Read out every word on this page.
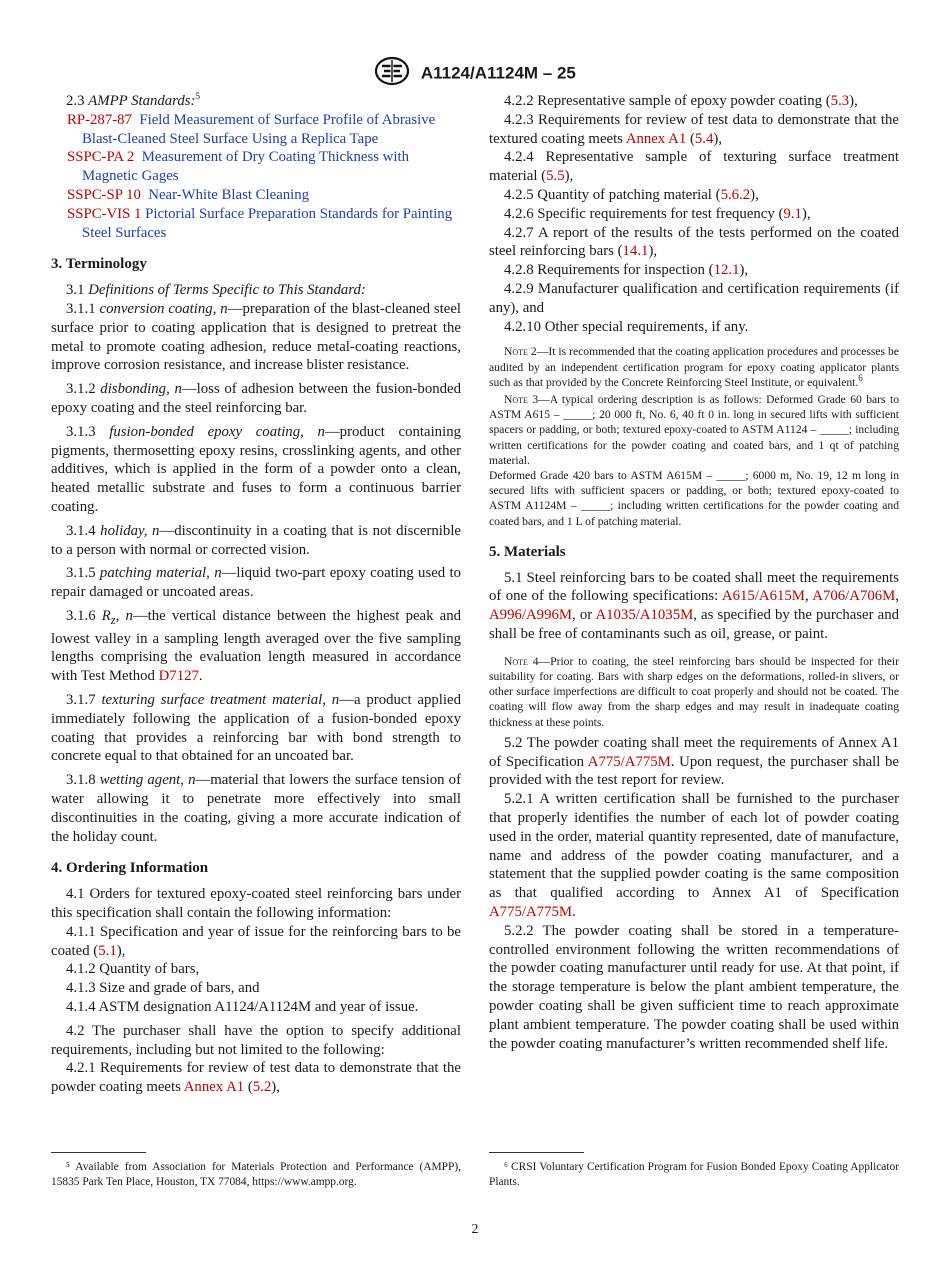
A1124/A1124M – 25

2.3 AMPP Standards:$^5$

RP-287-87 Field Measurement of Surface Profile of Abrasive Blast-Cleaned Steel Surface Using a Replica Tape

SSPC-PA 2 Measurement of Dry Coating Thickness with Magnetic Gages

SSPC-SP 10 Near-White Blast Cleaning

SSPC-VIS 1 Pictorial Surface Preparation Standards for Painting Steel Surfaces

3. Terminology

3.1 Definitions of Terms Specific to This Standard:

3.1.1 conversion coating, n—preparation of the blast-cleaned steel surface prior to coating application that is designed to pretreat the metal to promote coating adhesion, reduce metal-coating reactions, improve corrosion resistance, and increase blister resistance.

3.1.2 disbonding, n—loss of adhesion between the fusion-bonded epoxy coating and the steel reinforcing bar.

3.1.3 fusion-bonded epoxy coating, n—product containing pigments, thermosetting epoxy resins, crosslinking agents, and other additives, which is applied in the form of a powder onto a clean, heated metallic substrate and fuses to form a continuous barrier coating.

3.1.4 holiday, n—discontinuity in a coating that is not discernible to a person with normal or corrected vision.

3.1.5 patching material, n—liquid two-part epoxy coating used to repair damaged or uncoated areas.

3.1.6 $R_z$, n—the vertical distance between the highest peak and lowest valley in a sampling length averaged over the five sampling lengths comprising the evaluation length measured in accordance with Test Method D7127.

3.1.7 texturing surface treatment material, n—a product applied immediately following the application of a fusion-bonded epoxy coating that provides a reinforcing bar with bond strength to concrete equal to that obtained for an uncoated bar.

3.1.8 wetting agent, n—material that lowers the surface tension of water allowing it to penetrate more effectively into small discontinuities in the coating, giving a more accurate indication of the holiday count.

4. Ordering Information

4.1 Orders for textured epoxy-coated steel reinforcing bars under this specification shall contain the following information:

4.1.1 Specification and year of issue for the reinforcing bars to be coated (5.1),

4.1.2 Quantity of bars,

4.1.3 Size and grade of bars, and

4.1.4 ASTM designation A1124/A1124M and year of issue.

4.2 The purchaser shall have the option to specify additional requirements, including but not limited to the following:

4.2.1 Requirements for review of test data to demonstrate that the powder coating meets Annex A1 (5.2),

4.2.2 Representative sample of epoxy powder coating (5.3),

4.2.3 Requirements for review of test data to demonstrate that the textured coating meets Annex A1 (5.4),

4.2.4 Representative sample of texturing surface treatment material (5.5),

4.2.5 Quantity of patching material (5.6.2),

4.2.6 Specific requirements for test frequency (9.1),

4.2.7 A report of the results of the tests performed on the coated steel reinforcing bars (14.1),

4.2.8 Requirements for inspection (12.1),

4.2.9 Manufacturer qualification and certification requirements (if any), and

4.2.10 Other special requirements, if any.

Note 2—It is recommended that the coating application procedures and processes be audited by an independent certification program for epoxy coating applicator plants such as that provided by the Concrete Reinforcing Steel Institute, or equivalent.$^6$

Note 3—A typical ordering description is as follows: Deformed Grade 60 bars to ASTM A615 – _____; 20 000 ft, No. 6, 40 ft 0 in. long in secured lifts with sufficient spacers or padding, or both; textured epoxy-coated to ASTM A1124 – _____; including written certifications for the powder coating and coated bars, and 1 qt of patching material.

Deformed Grade 420 bars to ASTM A615M – _____; 6000 m, No. 19, 12 m long in secured lifts with sufficient spacers or padding, or both; textured epoxy-coated to ASTM A1124M – _____; including written certifications for the powder coating and coated bars, and 1 L of patching material.

5. Materials

5.1 Steel reinforcing bars to be coated shall meet the requirements of one of the following specifications: A615/A615M, A706/A706M, A996/A996M, or A1035/A1035M, as specified by the purchaser and shall be free of contaminants such as oil, grease, or paint.

Note 4—Prior to coating, the steel reinforcing bars should be inspected for their suitability for coating. Bars with sharp edges on the deformations, rolled-in slivers, or other surface imperfections are difficult to coat properly and should not be coated. The coating will flow away from the sharp edges and may result in inadequate coating thickness at these points.

5.2 The powder coating shall meet the requirements of Annex A1 of Specification A775/A775M. Upon request, the purchaser shall be provided with the test report for review.

5.2.1 A written certification shall be furnished to the purchaser that properly identifies the number of each lot of powder coating used in the order, material quantity represented, date of manufacture, name and address of the powder coating manufacturer, and a statement that the supplied powder coating is the same composition as that qualified according to Annex A1 of Specification A775/A775M.

5.2.2 The powder coating shall be stored in a temperature-controlled environment following the written recommendations of the powder coating manufacturer until ready for use. At that point, if the storage temperature is below the plant ambient temperature, the powder coating shall be given sufficient time to reach approximate plant ambient temperature. The powder coating shall be used within the powder coating manufacturer’s written recommended shelf life.

⁵ Available from Association for Materials Protection and Performance (AMPP), 15835 Park Ten Place, Houston, TX 77084, https://www.ampp.org.

⁶ CRSI Voluntary Certification Program for Fusion Bonded Epoxy Coating Applicator Plants.

2
